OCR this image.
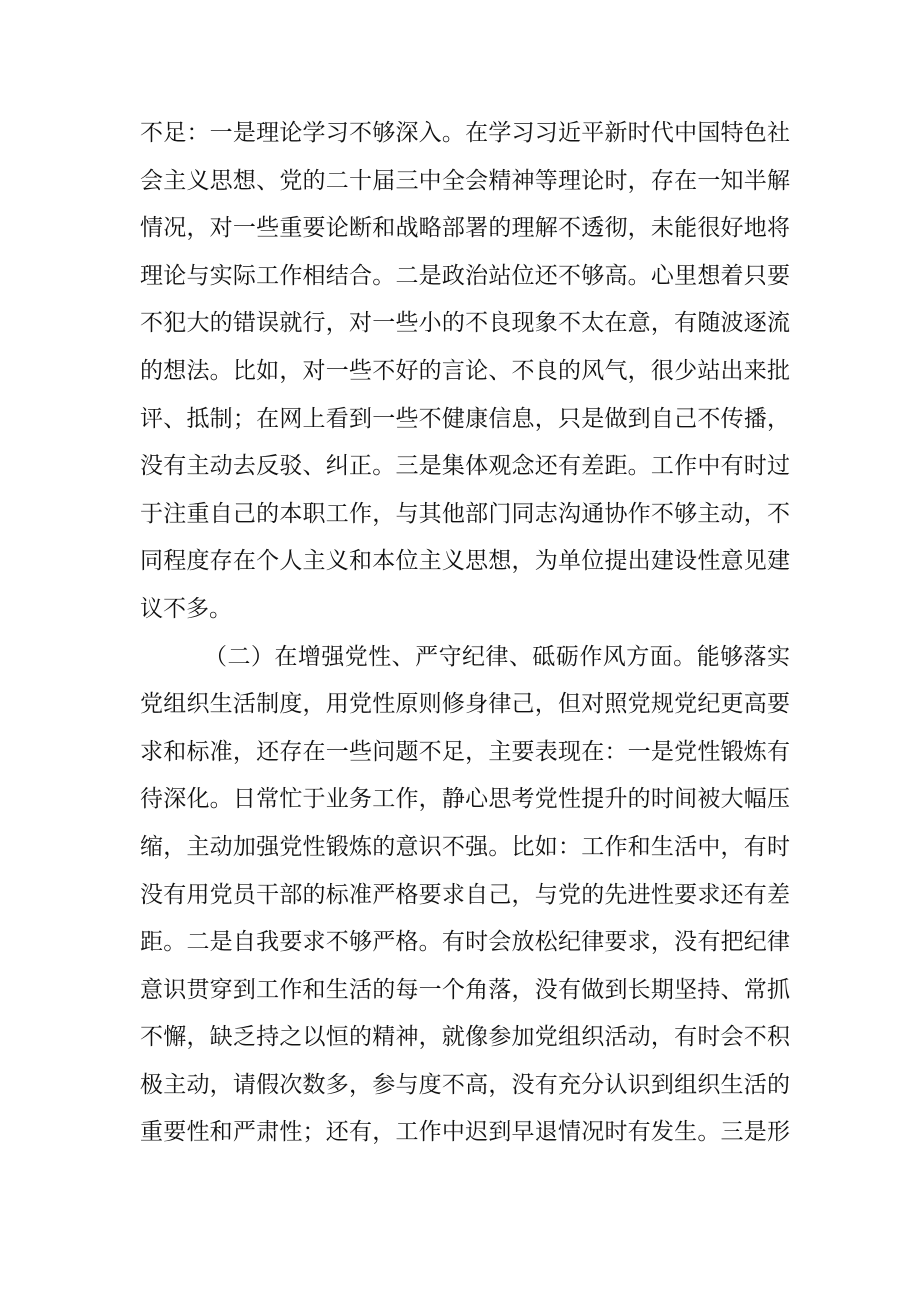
不足：一是理论学习不够深入。在学习习近平新时代中国特色社
会主义思想、党的二十届三中全会精神等理论时，存在一知半解
情况，对一些重要论断和战略部署的理解不透彻，未能很好地将
理论与实际工作相结合。二是政治站位还不够高。心里想着只要
不犯大的错误就行，对一些小的不良现象不太在意，有随波逐流
的想法。比如，对一些不好的言论、不良的风气，很少站出来批
评、抵制；在网上看到一些不健康信息，只是做到自己不传播，
没有主动去反驳、纠正。三是集体观念还有差距。工作中有时过
于注重自己的本职工作，与其他部门同志沟通协作不够主动，不
同程度存在个人主义和本位主义思想，为单位提出建设性意见建
议不多。
（二）在增强党性、严守纪律、砥砺作风方面。能够落实
党组织生活制度，用党性原则修身律己，但对照党规党纪更高要
求和标准，还存在一些问题不足，主要表现在：一是党性锻炼有
待深化。日常忙于业务工作，静心思考党性提升的时间被大幅压
缩，主动加强党性锻炼的意识不强。比如：工作和生活中，有时
没有用党员干部的标准严格要求自己，与党的先进性要求还有差
距。二是自我要求不够严格。有时会放松纪律要求，没有把纪律
意识贯穿到工作和生活的每一个角落，没有做到长期坚持、常抓
不懈，缺乏持之以恒的精神，就像参加党组织活动，有时会不积
极主动，请假次数多，参与度不高，没有充分认识到组织生活的
重要性和严肃性；还有，工作中迟到早退情况时有发生。三是形
